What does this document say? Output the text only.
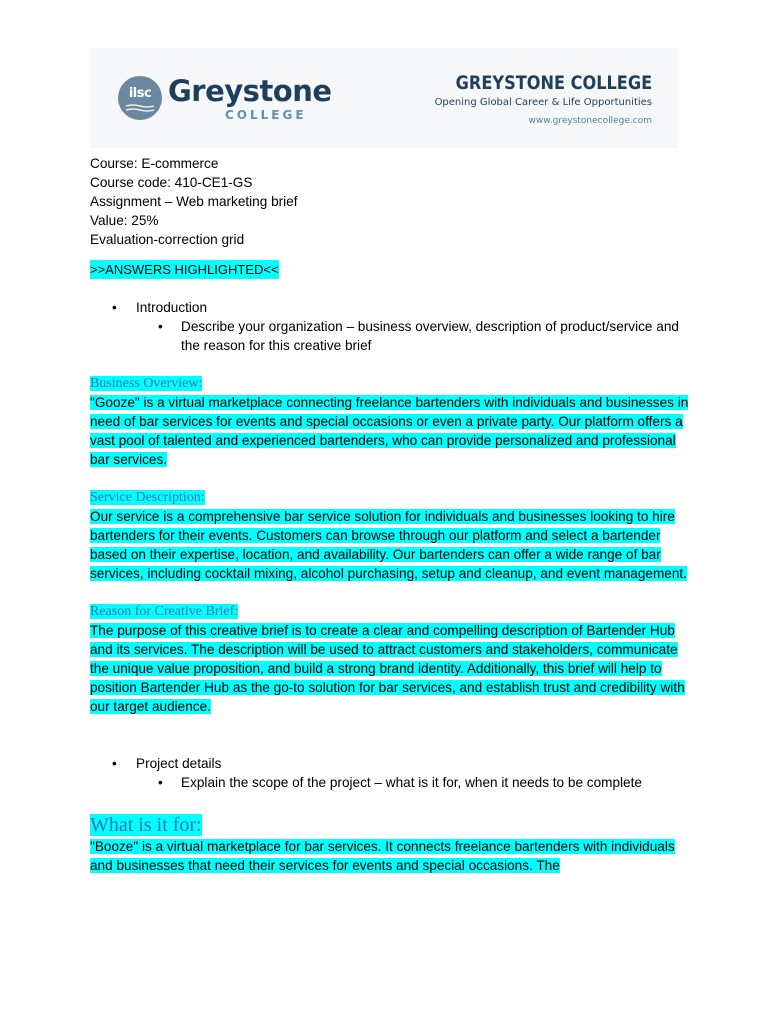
ilsc Greystone
COLLEGE
GREYSTONE COLLEGE
Opening Global Career & Life Opportunities
www.greystonecollege.com
Course: E-commerce
Course code: 410-CE1-GS
Assignment – Web marketing brief
Value: 25%
Evaluation-correction grid
>>ANSWERS HIGHLIGHTED<<
• Introduction
• Describe your organization – business overview, description of product/service and the reason for this creative brief
Business Overview:
"Gooze" is a virtual marketplace connecting freelance bartenders with individuals and businesses in need of bar services for events and special occasions or even a private party. Our platform offers a vast pool of talented and experienced bartenders, who can provide personalized and professional bar services.
Service Description:
Our service is a comprehensive bar service solution for individuals and businesses looking to hire bartenders for their events. Customers can browse through our platform and select a bartender based on their expertise, location, and availability. Our bartenders can offer a wide range of bar services, including cocktail mixing, alcohol purchasing, setup and cleanup, and event management.
Reason for Creative Brief:
The purpose of this creative brief is to create a clear and compelling description of Bartender Hub and its services. The description will be used to attract customers and stakeholders, communicate the unique value proposition, and build a strong brand identity. Additionally, this brief will help to position Bartender Hub as the go-to solution for bar services, and establish trust and credibility with our target audience.
• Project details
• Explain the scope of the project – what is it for, when it needs to be complete
What is it for:
"Booze" is a virtual marketplace for bar services. It connects freelance bartenders with individuals and businesses that need their services for events and special occasions. The
